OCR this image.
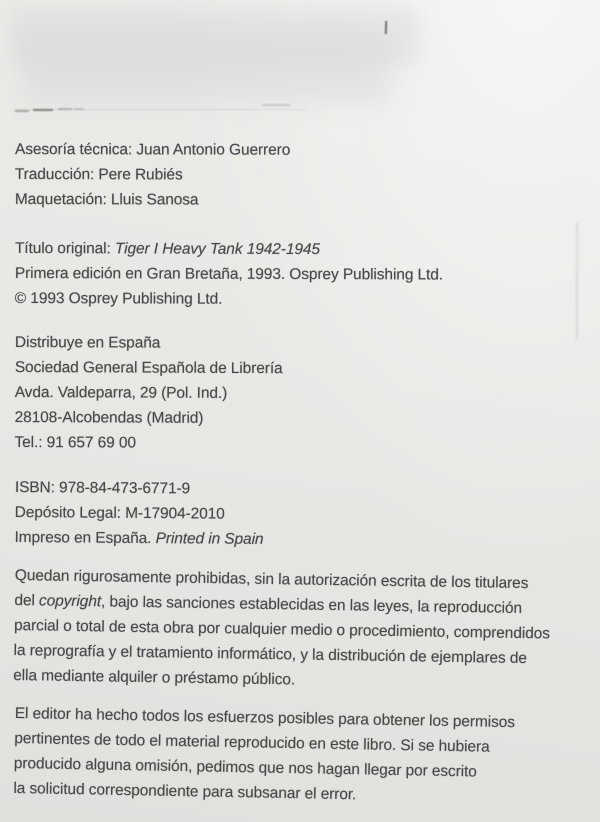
Asesoría técnica: Juan Antonio Guerrero
Traducción: Pere Rubiés
Maquetación: Lluis Sanosa
Título original: Tiger I Heavy Tank 1942-1945
Primera edición en Gran Bretaña, 1993. Osprey Publishing Ltd.
© 1993 Osprey Publishing Ltd.
Distribuye en España
Sociedad General Española de Librería
Avda. Valdeparra, 29 (Pol. Ind.)
28108-Alcobendas (Madrid)
Tel.: 91 657 69 00
ISBN: 978-84-473-6771-9
Depósito Legal: M-17904-2010
Impreso en España. Printed in Spain
Quedan rigurosamente prohibidas, sin la autorización escrita de los titulares
del copyright, bajo las sanciones establecidas en las leyes, la reproducción
parcial o total de esta obra por cualquier medio o procedimiento, comprendidos
la reprografía y el tratamiento informático, y la distribución de ejemplares de
ella mediante alquiler o préstamo público.
El editor ha hecho todos los esfuerzos posibles para obtener los permisos
pertinentes de todo el material reproducido en este libro. Si se hubiera
producido alguna omisión, pedimos que nos hagan llegar por escrito
la solicitud correspondiente para subsanar el error.
